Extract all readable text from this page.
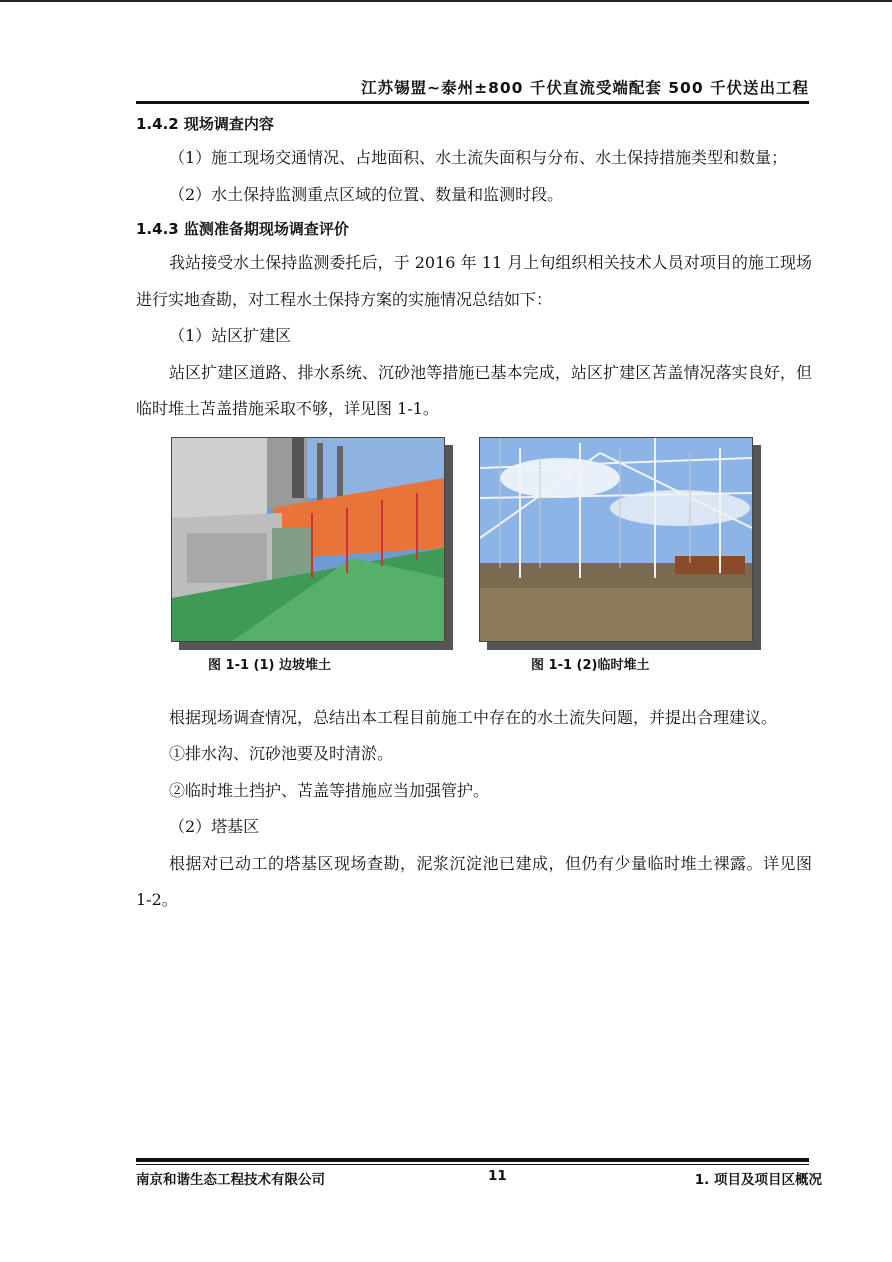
江苏锡盟~泰州±800 千伏直流受端配套 500 千伏送出工程
1.4.2 现场调查内容

（1）施工现场交通情况、占地面积、水土流失面积与分布、水土保持措施类型和数量；

（2）水土保持监测重点区域的位置、数量和监测时段。

1.4.3 监测准备期现场调查评价

我站接受水土保持监测委托后，于 2016 年 11 月上旬组织相关技术人员对项目的施工现场进行实地查勘，对工程水土保持方案的实施情况总结如下：

（1）站区扩建区

站区扩建区道路、排水系统、沉砂池等措施已基本完成，站区扩建区苫盖情况落实良好，但临时堆土苫盖措施采取不够，详见图 1-1。

图 1-1 (1) 边坡堆土	图 1-1 (2)临时堆土

根据现场调查情况，总结出本工程目前施工中存在的水土流失问题，并提出合理建议。

①排水沟、沉砂池要及时清淤。

②临时堆土挡护、苫盖等措施应当加强管护。

（2）塔基区

根据对已动工的塔基区现场查勘，泥浆沉淀池已建成，但仍有少量临时堆土裸露。详见图 1-2。

南京和谐生态工程技术有限公司	11	1. 项目及项目区概况
